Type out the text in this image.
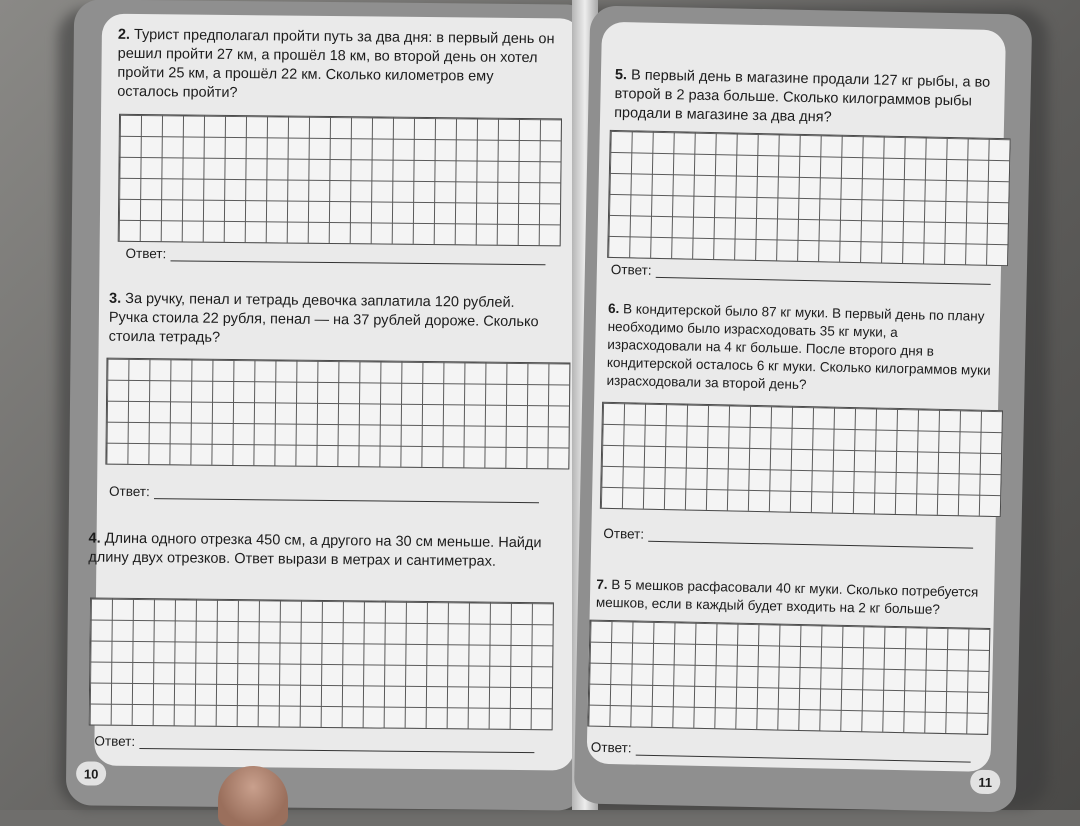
2. Турист предполагал пройти путь за два дня: в первый день он решил пройти 27 км, а прошёл 18 км, во второй день он хотел пройти 25 км, а прошёл 22 км. Сколько километров ему осталось пройти?

Ответ:

3. За ручку, пенал и тетрадь девочка заплатила 120 рублей. Ручка стоила 22 рубля, пенал — на 37 рублей дороже. Сколько стоила тетрадь?

Ответ:

4. Длина одного отрезка 450 см, а другого на 30 см меньше. Найди длину двух отрезков. Ответ вырази в метрах и сантиметрах.

Ответ:
10

5. В первый день в магазине продали 127 кг рыбы, а во второй в 2 раза больше. Сколько килограммов рыбы продали в магазине за два дня?

Ответ:

6. В кондитерской было 87 кг муки. В первый день по плану необходимо было израсходовать 35 кг муки, а израсходовали на 4 кг больше. После второго дня в кондитерской осталось 6 кг муки. Сколько килограммов муки израсходовали за второй день?

Ответ:

7. В 5 мешков расфасовали 40 кг муки. Сколько потребуется мешков, если в каждый будет входить на 2 кг больше?

Ответ:
11
